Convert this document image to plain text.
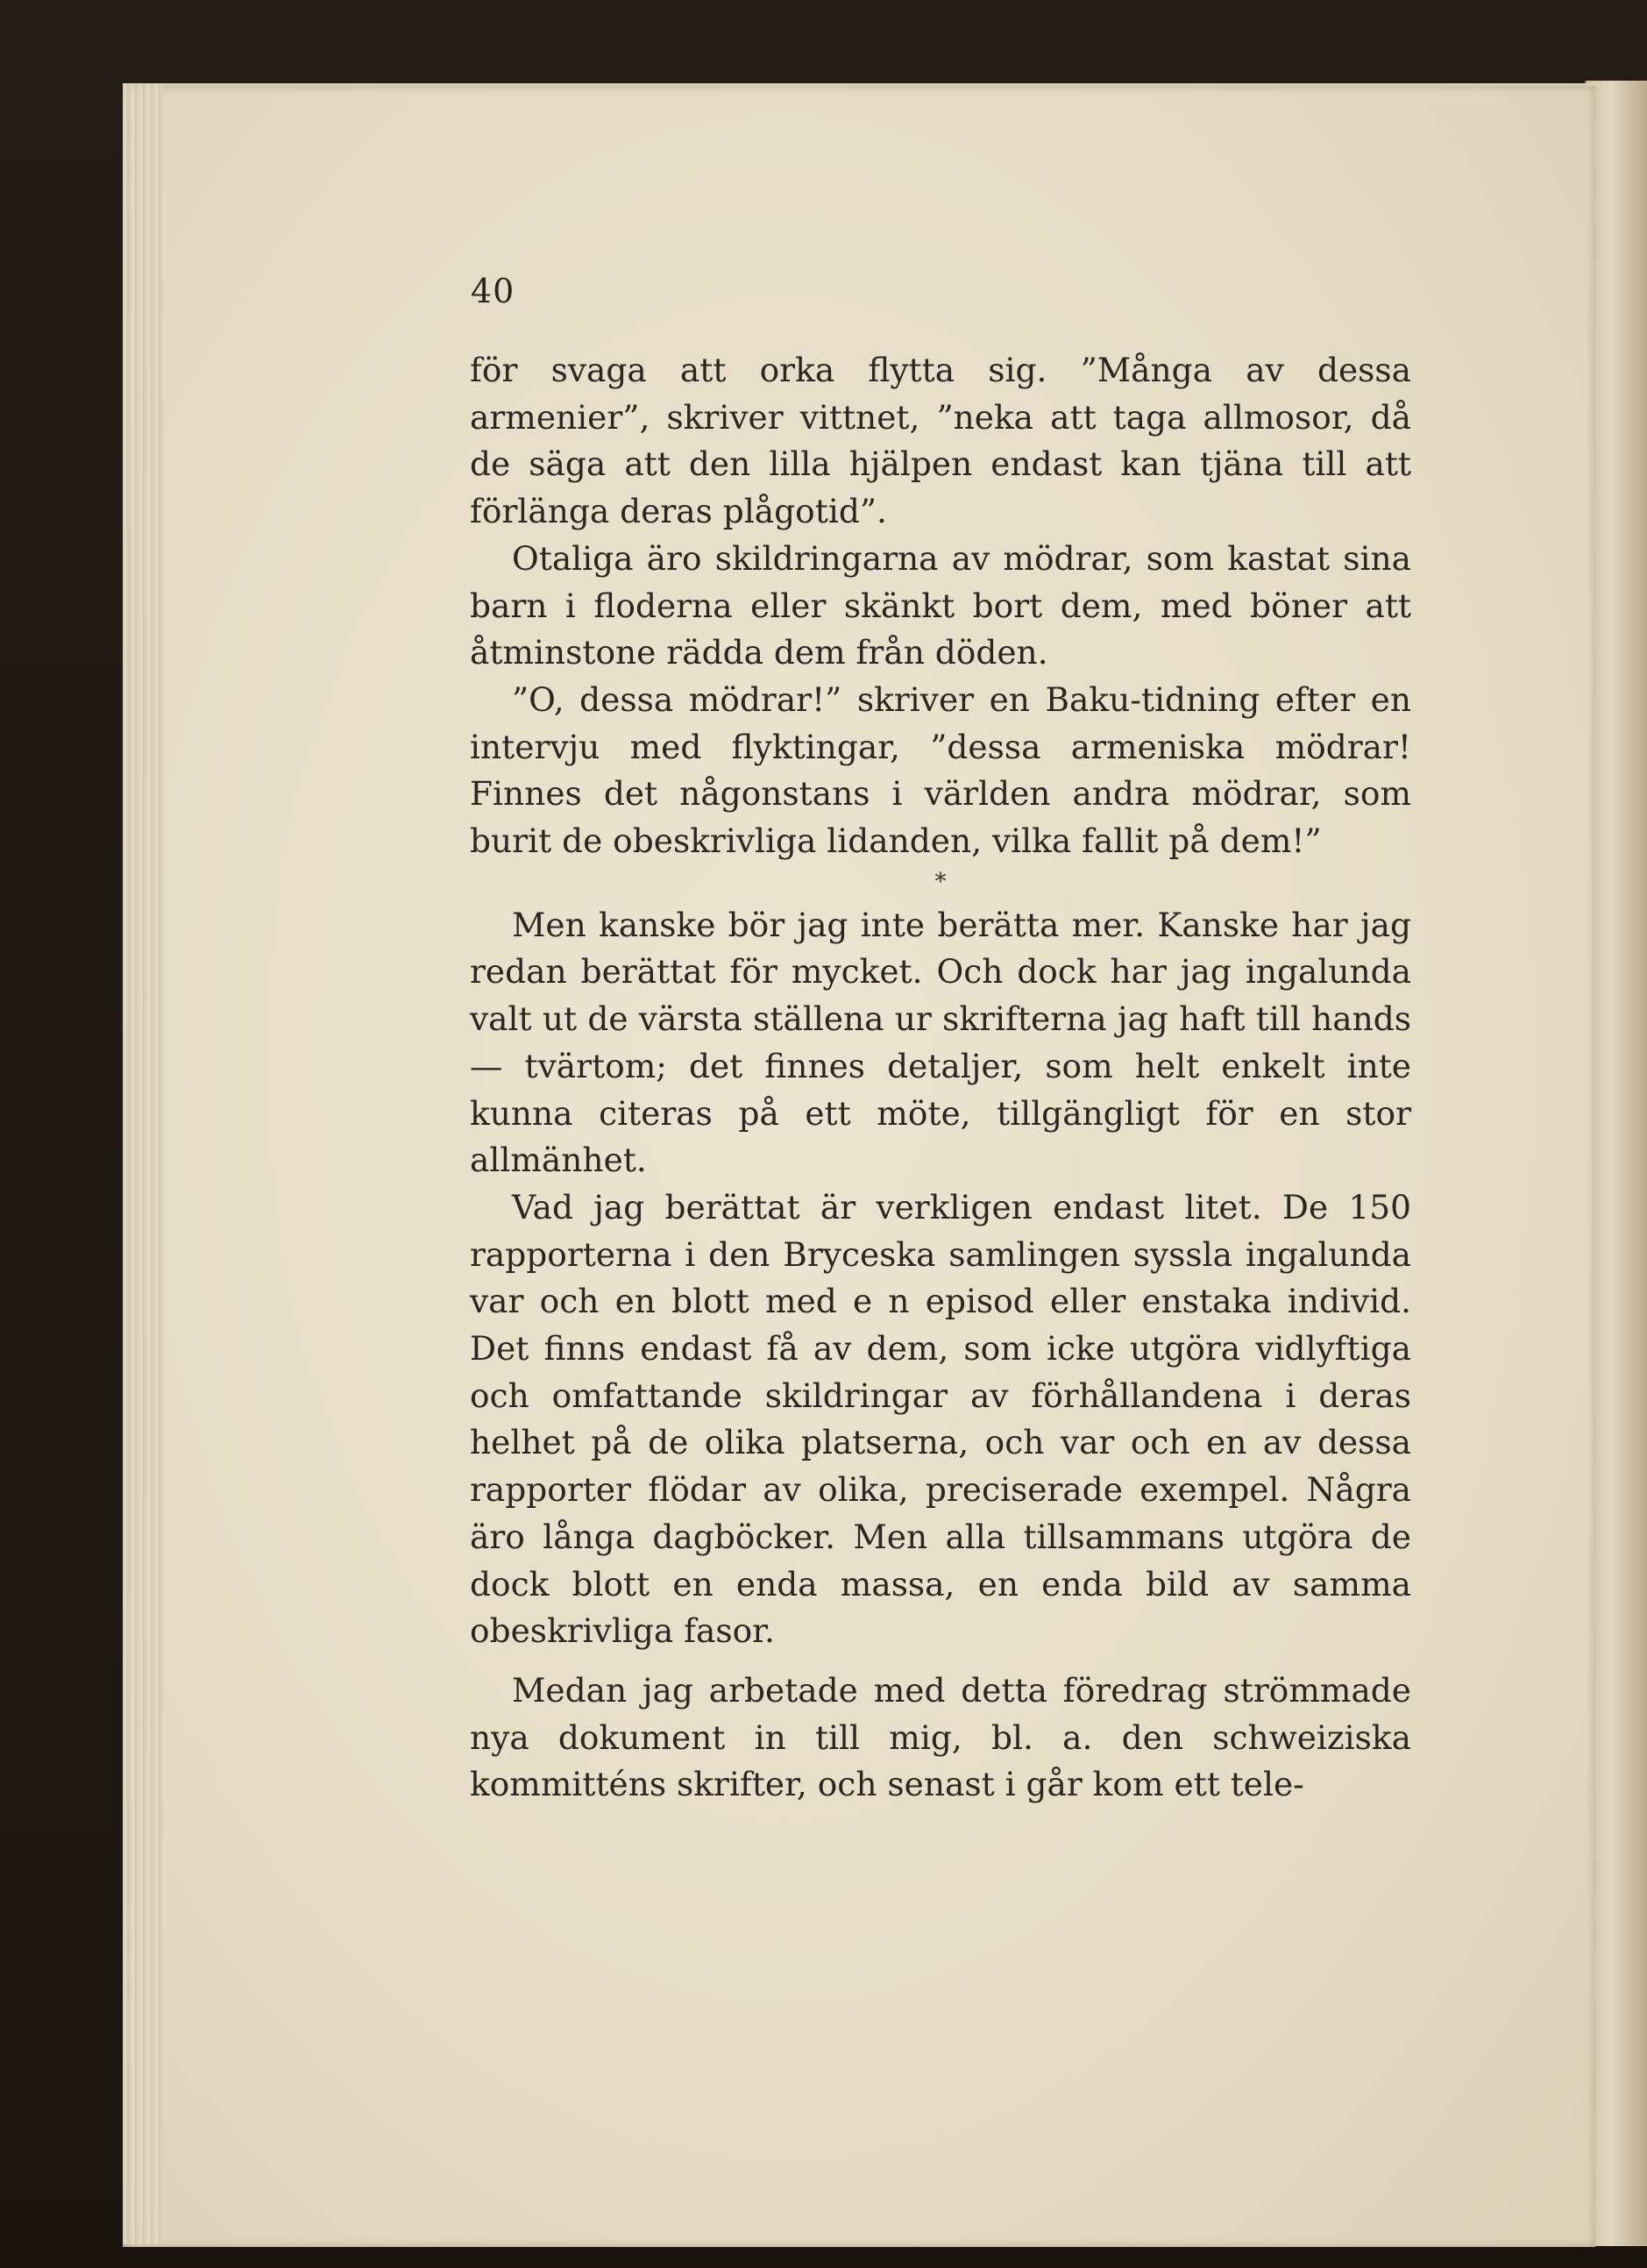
40

för svaga att orka flytta sig. ”Många av dessa armenier”, skriver vittnet, ”neka att taga allmosor, då de säga att den lilla hjälpen endast kan tjäna till att förlänga deras plågotid”.

Otaliga äro skildringarna av mödrar, som kastat sina barn i floderna eller skänkt bort dem, med böner att åtminstone rädda dem från döden.

”O, dessa mödrar!” skriver en Baku-tidning efter en intervju med flyktingar, ”dessa armeniska mödrar! Finnes det någonstans i världen andra mödrar, som burit de obeskrivliga lidanden, vilka fallit på dem!”

*

Men kanske bör jag inte berätta mer. Kanske har jag redan berättat för mycket. Och dock har jag ingalunda valt ut de värsta ställena ur skrifterna jag haft till hands — tvärtom; det finnes detaljer, som helt enkelt inte kunna citeras på ett möte, tillgängligt för en stor allmänhet.

Vad jag berättat är verkligen endast litet. De 150 rapporterna i den Bryceska samlingen syssla ingalunda var och en blott med e n episod eller enstaka individ. Det finns endast få av dem, som icke utgöra vidlyftiga och omfattande skildringar av förhållandena i deras helhet på de olika platserna, och var och en av dessa rapporter flödar av olika, preciserade exempel. Några äro långa dagböcker. Men alla tillsammans utgöra de dock blott en enda massa, en enda bild av samma obeskrivliga fasor.

Medan jag arbetade med detta föredrag strömmade nya dokument in till mig, bl. a. den schweiziska kommitténs skrifter, och senast i går kom ett tele-
